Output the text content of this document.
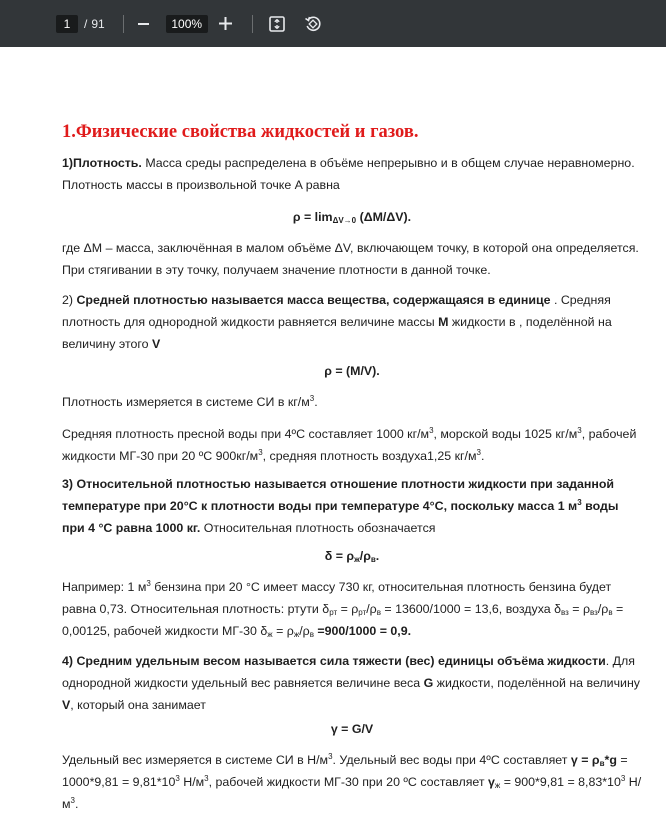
1	/ 91	100%

1.Физические свойства жидкостей и газов.

1)Плотность. Масса среды распределена в объёме непрерывно и в общем случае неравномерно. Плотность массы в произвольной точке A равна

$\rho = \lim_{\Delta V\to 0} (\Delta M/\Delta V)$.

где ΔM – масса, заключённая в малом объёме ΔV, включающем точку, в которой она определяется. При стягивании в эту точку, получаем значение плотности в данной точке.

2) Средней плотностью называется масса вещества, содержащаяся в единице . Средняя плотность для однородной жидкости равняется величине массы M жидкости в , поделённой на величину этого V

ρ = (M/V).

Плотность измеряется в системе СИ в $кг/м^3$.

Средняя плотность пресной воды при 4ºС составляет 1000 $кг/м^3$, морской воды 1025 $кг/м^3$, рабочей жидкости МГ-30 при 20 ºС $900кг/м^3$, средняя плотность воздуха1,25 $кг/м^3$.

3) Относительной плотностью называется отношение плотности жидкости при заданной температуре при 20°C к плотности воды при температуре 4°C, поскольку масса 1 $м^3$ воды при 4 °C равна 1000 кг. Относительная плотность обозначается

$\delta = \rho_ж/\rho_в$.

Например: 1 $м^3$ бензина при 20 °С имеет массу 730 кг, относительная плотность бензина будет равна 0,73. Относительная плотность: ртути $\delta_{рт} = \rho_{рт}/\rho_в = 13600/1000 = 13,6$, воздуха $\delta_{вз} = \rho_{вз}/\rho_в = 0,00125$, рабочей жидкости МГ-30 $\delta_ж = \rho_ж/\rho_в =900/1000 = 0,9$.

4) Средним удельным весом называется сила тяжести (вес) единицы объёма жидкости. Для однородной жидкости удельный вес равняется величине веса G жидкости, поделённой на величину V, который она занимает

γ = G/V

Удельный вес измеряется в системе СИ в $Н/м^3$. Удельный вес воды при 4ºС составляет $\gamma = \rho_в*g = 1000*9,81 = 9,81*10^3$ $Н/м^3$, рабочей жидкости МГ-30 при 20 ºС составляет $\gamma_ж = 900*9,81 = 8,83*10^3$ $Н/м^3$.
